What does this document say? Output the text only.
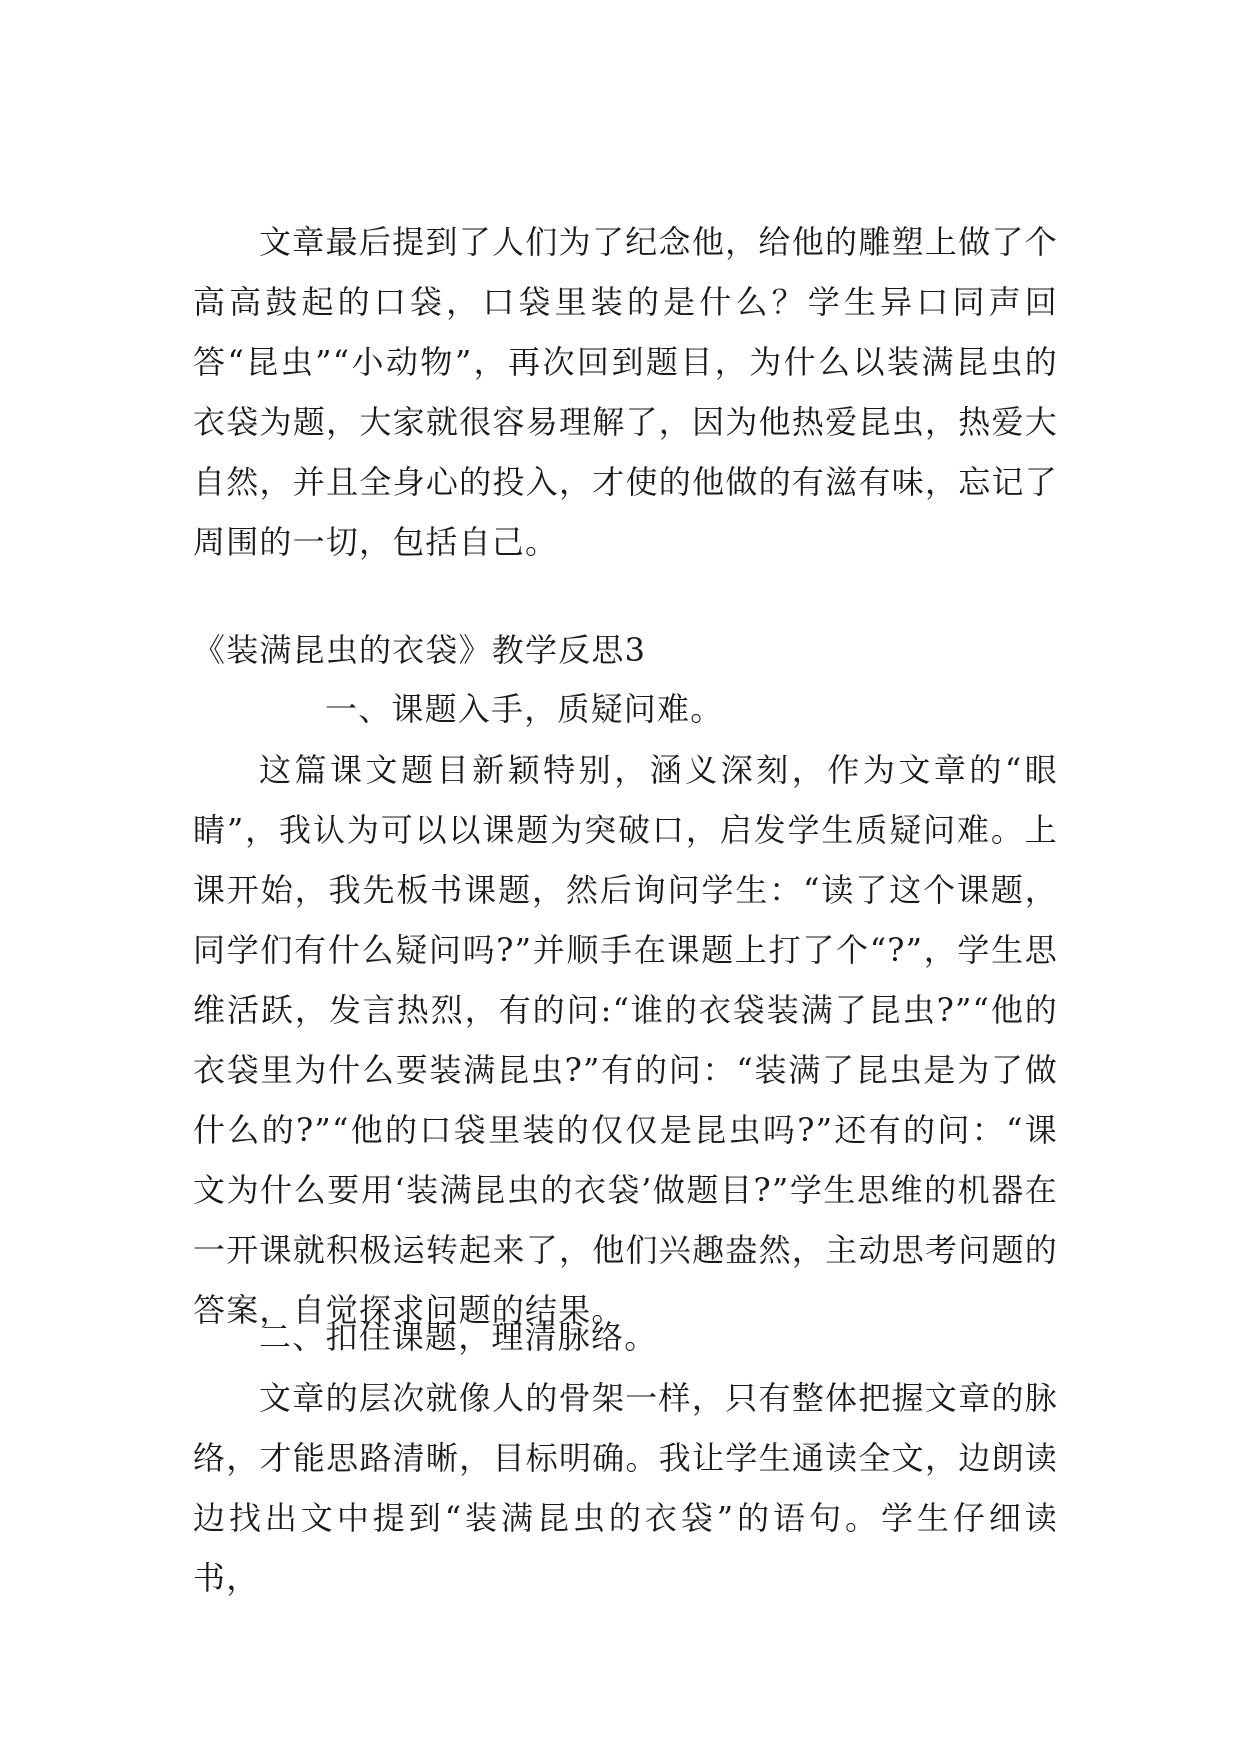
文章最后提到了人们为了纪念他，给他的雕塑上做了个高高鼓起的口袋，口袋里装的是什么？学生异口同声回答“昆虫”“小动物”，再次回到题目，为什么以装满昆虫的衣袋为题，大家就很容易理解了，因为他热爱昆虫，热爱大自然，并且全身心的投入，才使的他做的有滋有味，忘记了周围的一切，包括自己。

《装满昆虫的衣袋》教学反思3

一、课题入手，质疑问难。

这篇课文题目新颖特别，涵义深刻，作为文章的“眼睛”，我认为可以以课题为突破口，启发学生质疑问难。上课开始，我先板书课题，然后询问学生：“读了这个课题，同学们有什么疑问吗?”并顺手在课题上打了个“?”，学生思维活跃，发言热烈，有的问:“谁的衣袋装满了昆虫?”“他的衣袋里为什么要装满昆虫?”有的问：“装满了昆虫是为了做什么的?”“他的口袋里装的仅仅是昆虫吗?”还有的问：“课文为什么要用‘装满昆虫的衣袋’做题目?”学生思维的机器在一开课就积极运转起来了，他们兴趣盎然，主动思考问题的答案，自觉探求问题的结果。

二、扣住课题，理清脉络。

文章的层次就像人的骨架一样，只有整体把握文章的脉络，才能思路清晰，目标明确。我让学生通读全文，边朗读边找出文中提到“装满昆虫的衣袋”的语句。学生仔细读书，
